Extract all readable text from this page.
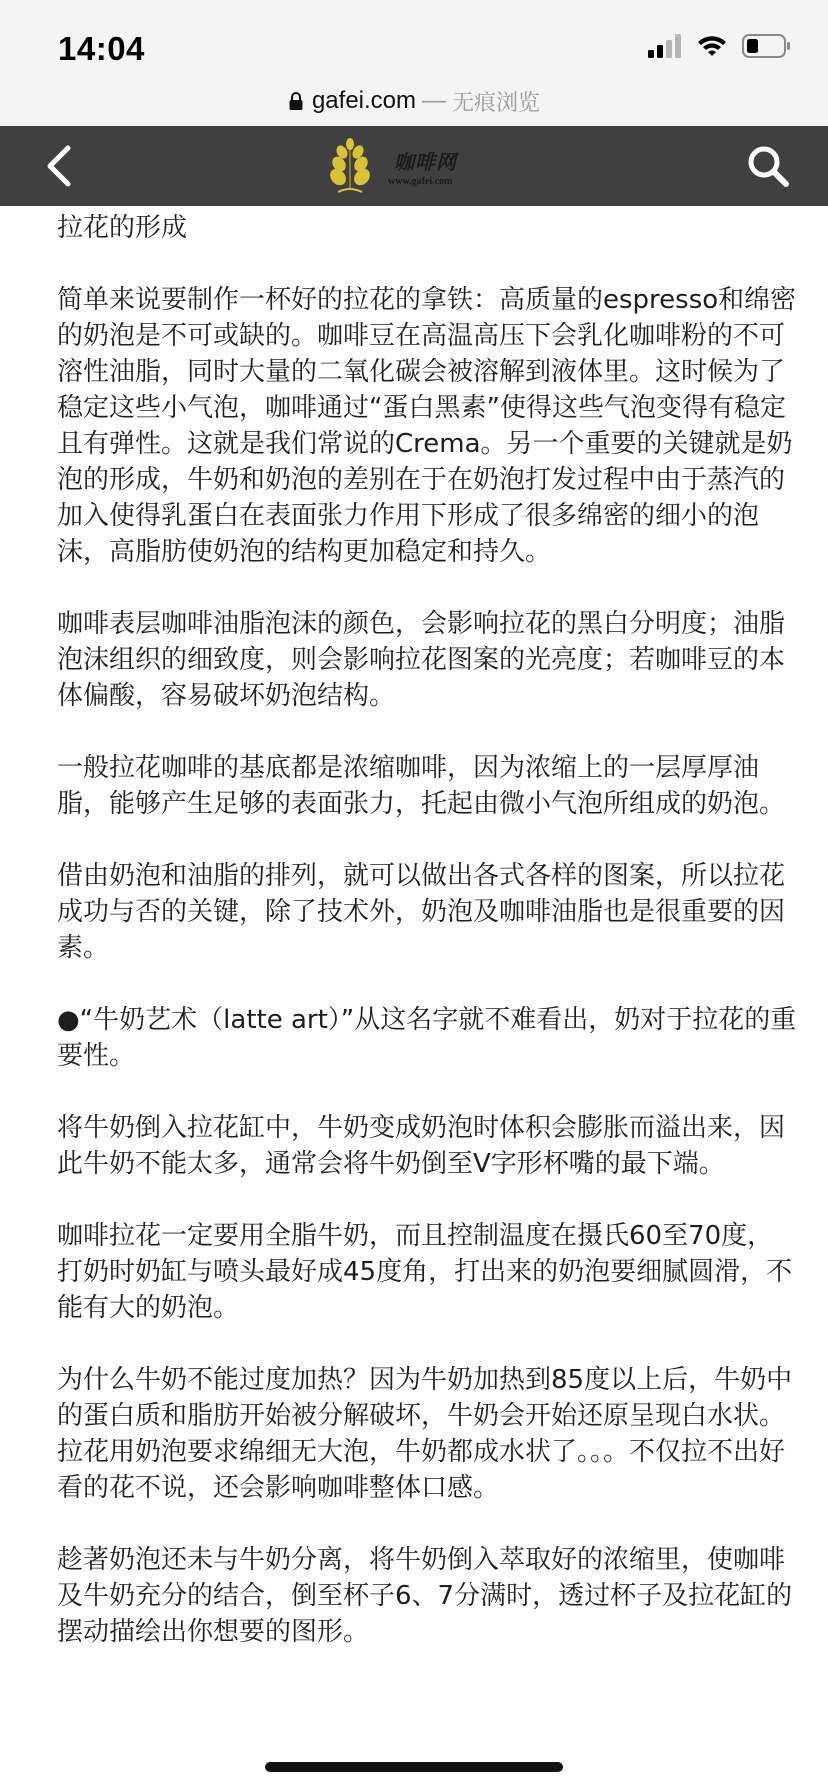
14:04
gafei.com — 无痕浏览
咖啡网
www.gafei.com

拉花的形成

简单来说要制作一杯好的拉花的拿铁：高质量的espresso和绵密的奶泡是不可或缺的。咖啡豆在高温高压下会乳化咖啡粉的不可溶性油脂，同时大量的二氧化碳会被溶解到液体里。这时候为了稳定这些小气泡，咖啡通过“蛋白黑素”使得这些气泡变得有稳定且有弹性。这就是我们常说的Crema。另一个重要的关键就是奶泡的形成，牛奶和奶泡的差别在于在奶泡打发过程中由于蒸汽的加入使得乳蛋白在表面张力作用下形成了很多绵密的细小的泡沫，高脂肪使奶泡的结构更加稳定和持久。

咖啡表层咖啡油脂泡沫的颜色，会影响拉花的黑白分明度；油脂泡沫组织的细致度，则会影响拉花图案的光亮度；若咖啡豆的本体偏酸，容易破坏奶泡结构。

一般拉花咖啡的基底都是浓缩咖啡，因为浓缩上的一层厚厚油脂，能够产生足够的表面张力，托起由微小气泡所组成的奶泡。

借由奶泡和油脂的排列，就可以做出各式各样的图案，所以拉花成功与否的关键，除了技术外，奶泡及咖啡油脂也是很重要的因素。

●“牛奶艺术（latte art）”从这名字就不难看出，奶对于拉花的重要性。

将牛奶倒入拉花缸中，牛奶变成奶泡时体积会膨胀而溢出来，因此牛奶不能太多，通常会将牛奶倒至V字形杯嘴的最下端。

咖啡拉花一定要用全脂牛奶，而且控制温度在摄氏60至70度，打奶时奶缸与喷头最好成45度角，打出来的奶泡要细腻圆滑，不能有大的奶泡。

为什么牛奶不能过度加热？因为牛奶加热到85度以上后，牛奶中的蛋白质和脂肪开始被分解破坏，牛奶会开始还原呈现白水状。拉花用奶泡要求绵细无大泡，牛奶都成水状了。。。不仅拉不出好看的花不说，还会影响咖啡整体口感。

趁著奶泡还未与牛奶分离，将牛奶倒入萃取好的浓缩里，使咖啡及牛奶充分的结合，倒至杯子6、7分满时，透过杯子及拉花缸的摆动描绘出你想要的图形。
